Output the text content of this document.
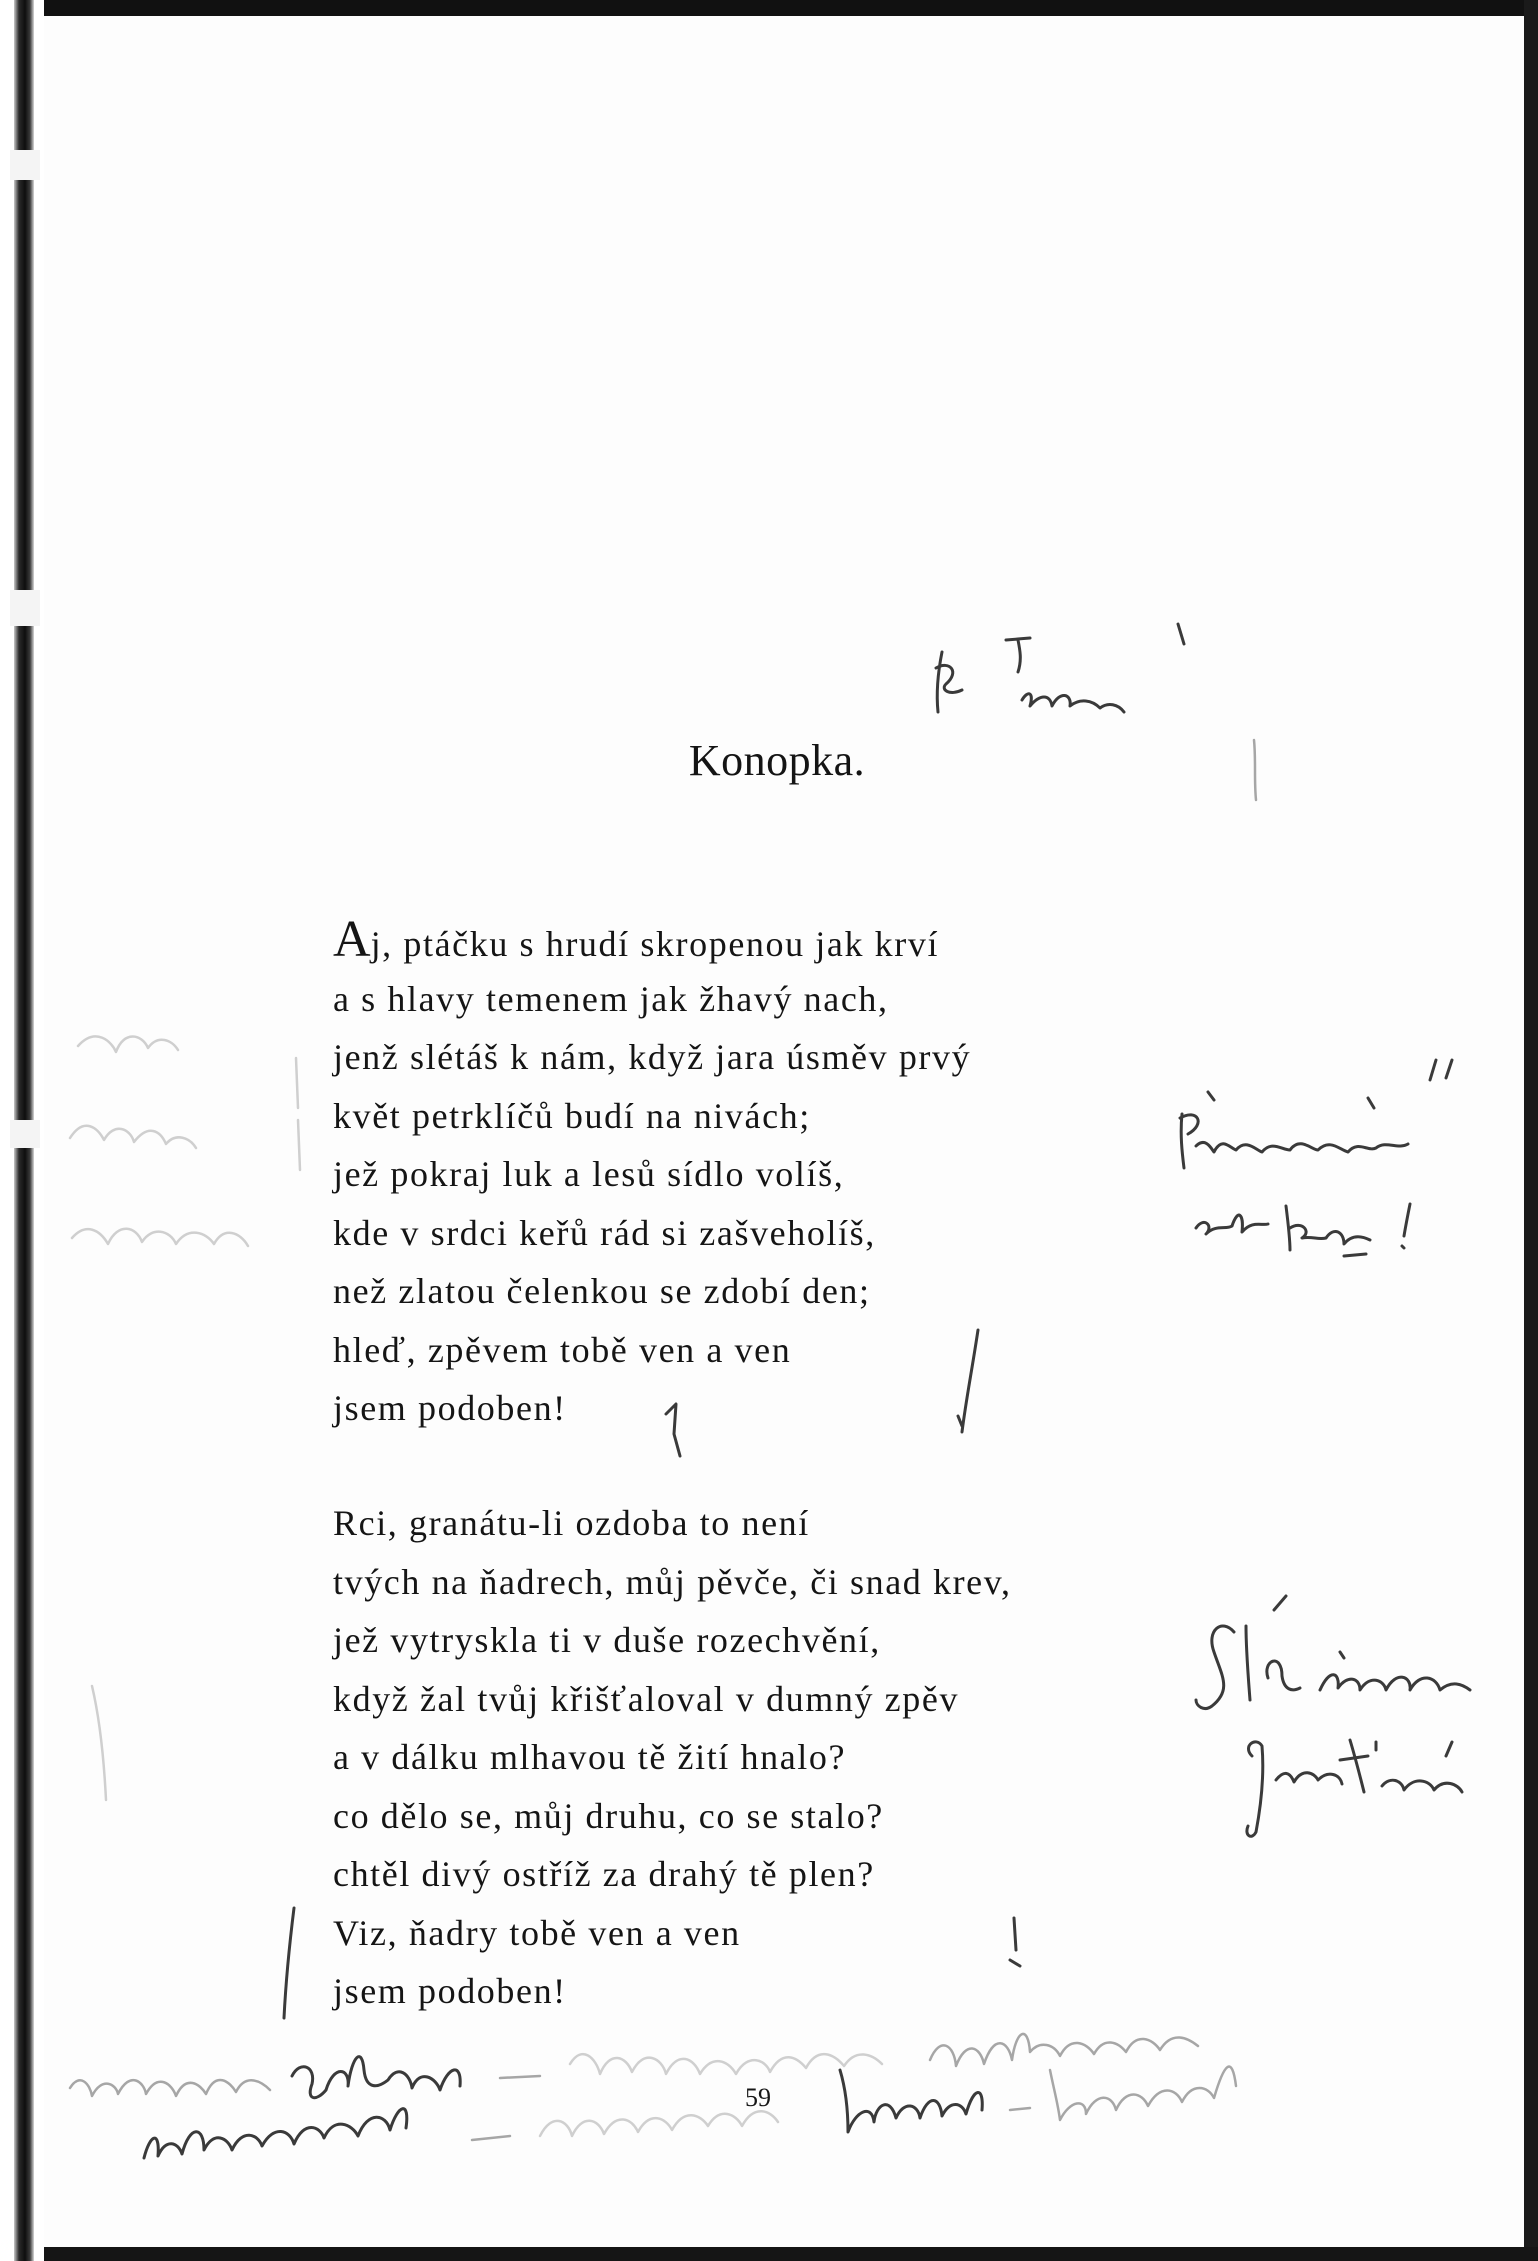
Konopka.
Aj, ptáčku s hrudí skropenou jak krví
a s hlavy temenem jak žhavý nach,
jenž slétáš k nám, když jara úsměv prvý
květ petrklíčů budí na nivách;
jež pokraj luk a lesů sídlo volíš,
kde v srdci keřů rád si zašveholíš,
než zlatou čelenkou se zdobí den;
hleď, zpěvem tobě ven a ven
jsem podoben!
Rci, granátu-li ozdoba to není
tvých na ňadrech, můj pěvče, či snad krev,
jež vytryskla ti v duše rozechvění,
když žal tvůj křišťaloval v dumný zpěv
a v dálku mlhavou tě žití hnalo?
co dělo se, můj druhu, co se stalo?
chtěl divý ostříž za drahý tě plen?
Viz, ňadry tobě ven a ven
jsem podoben!
59
